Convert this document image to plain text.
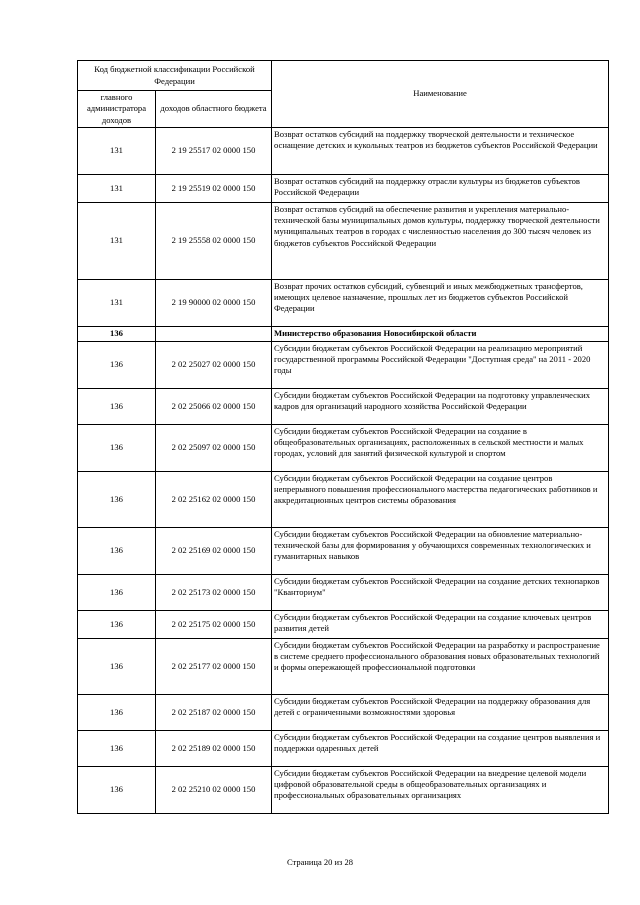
Код бюджетной классификации Российской Федерации		Наименование
главного администратора доходов	доходов областного бюджета	
131	2 19 25517 02 0000 150	Возврат остатков субсидий на поддержку творческой деятельности и техническое оснащение детских и кукольных театров из бюджетов субъектов Российской Федерации
131	2 19 25519 02 0000 150	Возврат остатков субсидий на поддержку отрасли культуры из бюджетов субъектов Российской Федерации
131	2 19 25558 02 0000 150	Возврат остатков субсидий на обеспечение развития и укрепления материально-технической базы муниципальных домов культуры, поддержку творческой деятельности муниципальных театров в городах с численностью населения до 300 тысяч человек из бюджетов субъектов Российской Федерации
131	2 19 90000 02 0000 150	Возврат прочих остатков субсидий, субвенций и иных межбюджетных трансфертов, имеющих целевое назначение, прошлых лет из бюджетов субъектов Российской Федерации
136		Министерство образования Новосибирской области
136	2 02 25027 02 0000 150	Субсидии бюджетам субъектов Российской Федерации на реализацию мероприятий государственной программы Российской Федерации "Доступная среда" на 2011 - 2020 годы
136	2 02 25066 02 0000 150	Субсидии бюджетам субъектов Российской Федерации на подготовку управленческих кадров для организаций народного хозяйства Российской Федерации
136	2 02 25097 02 0000 150	Субсидии бюджетам субъектов Российской Федерации на создание в общеобразовательных организациях, расположенных в сельской местности и малых городах, условий для занятий физической культурой и спортом
136	2 02 25162 02 0000 150	Субсидии бюджетам субъектов Российской Федерации на создание центров непрерывного повышения профессионального мастерства педагогических работников и аккредитационных центров системы образования
136	2 02 25169 02 0000 150	Субсидии бюджетам субъектов Российской Федерации на обновление материально-технической базы для формирования у обучающихся современных технологических и гуманитарных навыков
136	2 02 25173 02 0000 150	Субсидии бюджетам субъектов Российской Федерации на создание детских технопарков "Кванториум"
136	2 02 25175 02 0000 150	Субсидии бюджетам субъектов Российской Федерации на создание ключевых центров развития детей
136	2 02 25177 02 0000 150	Субсидии бюджетам субъектов Российской Федерации на разработку и распространение в системе среднего профессионального образования новых образовательных технологий и формы опережающей профессиональной подготовки
136	2 02 25187 02 0000 150	Субсидии бюджетам субъектов Российской Федерации на поддержку образования для детей с ограниченными возможностями здоровья
136	2 02 25189 02 0000 150	Субсидии бюджетам субъектов Российской Федерации на создание центров выявления и поддержки одаренных детей
136	2 02 25210 02 0000 150	Субсидии бюджетам субъектов Российской Федерации на внедрение целевой модели цифровой образовательной среды в общеобразовательных организациях и профессиональных образовательных организациях
Страница 20 из 28
